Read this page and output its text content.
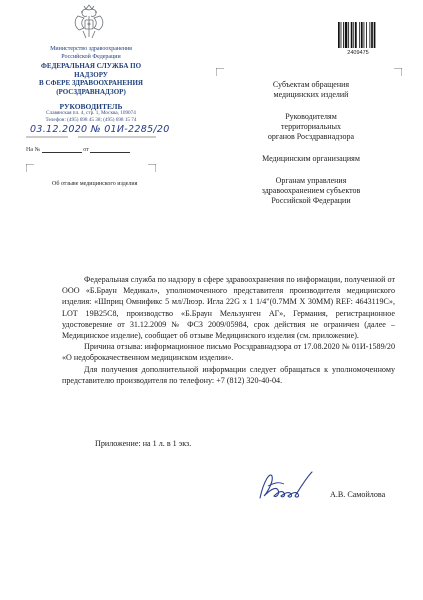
Министерство здравоохранения
Российской Федерации
ФЕДЕРАЛЬНАЯ СЛУЖБА ПО НАДЗОРУ
В СФЕРЕ ЗДРАВООХРАНЕНИЯ
(РОСЗДРАВНАДЗОР)
РУКОВОДИТЕЛЬ
Славянская пл. 4, стр. 1, Москва, 109074
Телефон: (495) 698 45 38; (495) 698 15 74
03.12.2020 № 01И-2285/20
На №	от
Об отзыве медицинского изделия
2409475

Субъектам обращения
медицинских изделий

Руководителям
территориальных
органов Росздравнадзора

Медицинским организациям

Органам управления
здравоохранением субъектов
Российской Федерации

Федеральная служба по надзору в сфере здравоохранения по информации, полученной от ООО «Б.Браун Медикал», уполномоченного представителя производителя медицинского изделия: «Шприц Омнификс 5 мл/Люэр. Игла 22G x 1 1/4"(0.7ММ X 30ММ) REF: 4643119C», LOT 19B25C8, производство «Б.Браун Мельзунген АГ», Германия, регистрационное удостоверение от 31.12.2009 № ФСЗ 2009/05984, срок действия не ограничен (далее – Медицинское изделие), сообщает об отзыве Медицинского изделия (см. приложение).

Причина отзыва: информационное письмо Росздравнадзора от 17.08.2020 № 01И-1589/20 «О недоброкачественном медицинском изделии».

Для получения дополнительной информации следует обращаться к уполномоченному представителю производителя по телефону: +7 (812) 320-40-04.

Приложение: на 1 л. в 1 экз.
А.В. Самойлова
